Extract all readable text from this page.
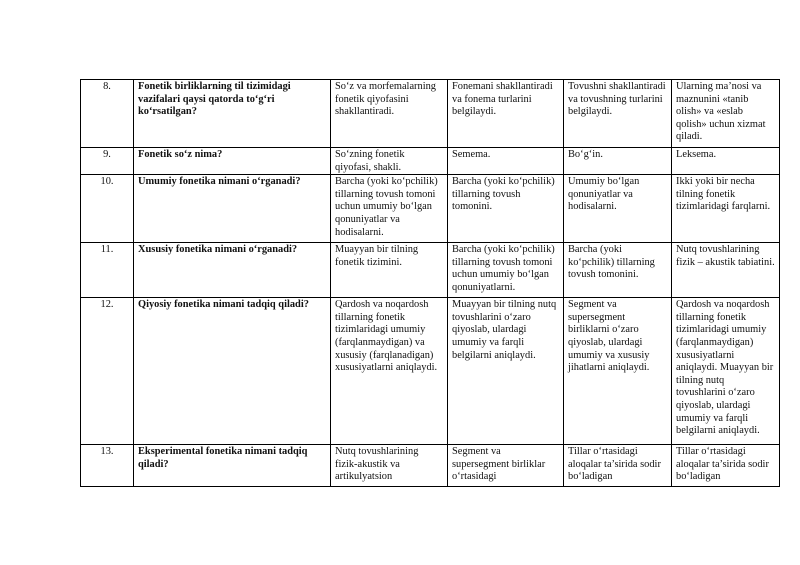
8.	Fonetik birliklarning til tizimidagi vazifalari qaysi qatorda to‘g‘ri ko‘rsatilgan?	So‘z va morfemalarning fonetik qiyofasini shakllantiradi.	Fonemani shakllantiradi va fonema turlarini belgilaydi.	Tovushni shakllantiradi va tovushning turlarini belgilaydi.	Ularning ma’nosi va maznunini «tanib olish» va «eslab qolish» uchun xizmat qiladi.
9.	Fonetik so‘z nima?	So‘zning fonetik qiyofasi, shakli.	Semema.	Bo‘g‘in.	Leksema.
10.	Umumiy fonetika nimani o‘rganadi?	Barcha (yoki ko‘pchilik) tillarning tovush tomoni uchun umumiy bo‘lgan qonuniyatlar va hodisalarni.	Barcha (yoki ko‘pchilik) tillarning tovush tomonini.	Umumiy bo‘lgan qonuniyatlar va hodisalarni.	Ikki yoki bir necha tilning fonetik tizimlaridagi farqlarni.
11.	Xususiy fonetika nimani o‘rganadi?	Muayyan bir tilning fonetik tizimini.	Barcha (yoki ko‘pchilik) tillarning tovush tomoni uchun umumiy bo‘lgan qonuniyatlarni.	Barcha (yoki ko‘pchilik) tillarning tovush tomonini.	Nutq tovushlarining fizik – akustik tabiatini.
12.	Qiyosiy fonetika nimani tadqiq qiladi?	Qardosh va noqardosh tillarning fonetik tizimlaridagi umumiy (farqlanmaydigan) va xususiy (farqlanadigan) xususiyatlarni aniqlaydi.	Muayyan bir tilning nutq tovushlarini o‘zaro qiyoslab, ulardagi umumiy va farqli belgilarni aniqlaydi.	Segment va supersegment birliklarni o‘zaro qiyoslab, ulardagi umumiy va xususiy jihatlarni aniqlaydi.	Qardosh va noqardosh tillarning fonetik tizimlaridagi umumiy (farqlanmaydigan) xususiyatlarni aniqlaydi. Muayyan bir tilning nutq tovushlarini o‘zaro qiyoslab, ulardagi umumiy va farqli belgilarni aniqlaydi.
13.	Eksperimental fonetika nimani tadqiq qiladi?	Nutq tovushlarining fizik-akustik va artikulyatsion	Segment va supersegment birliklar o‘rtasidagi	Tillar o‘rtasidagi aloqalar ta’sirida sodir bo‘ladigan	Tillar o‘rtasidagi aloqalar ta’sirida sodir bo‘ladigan
